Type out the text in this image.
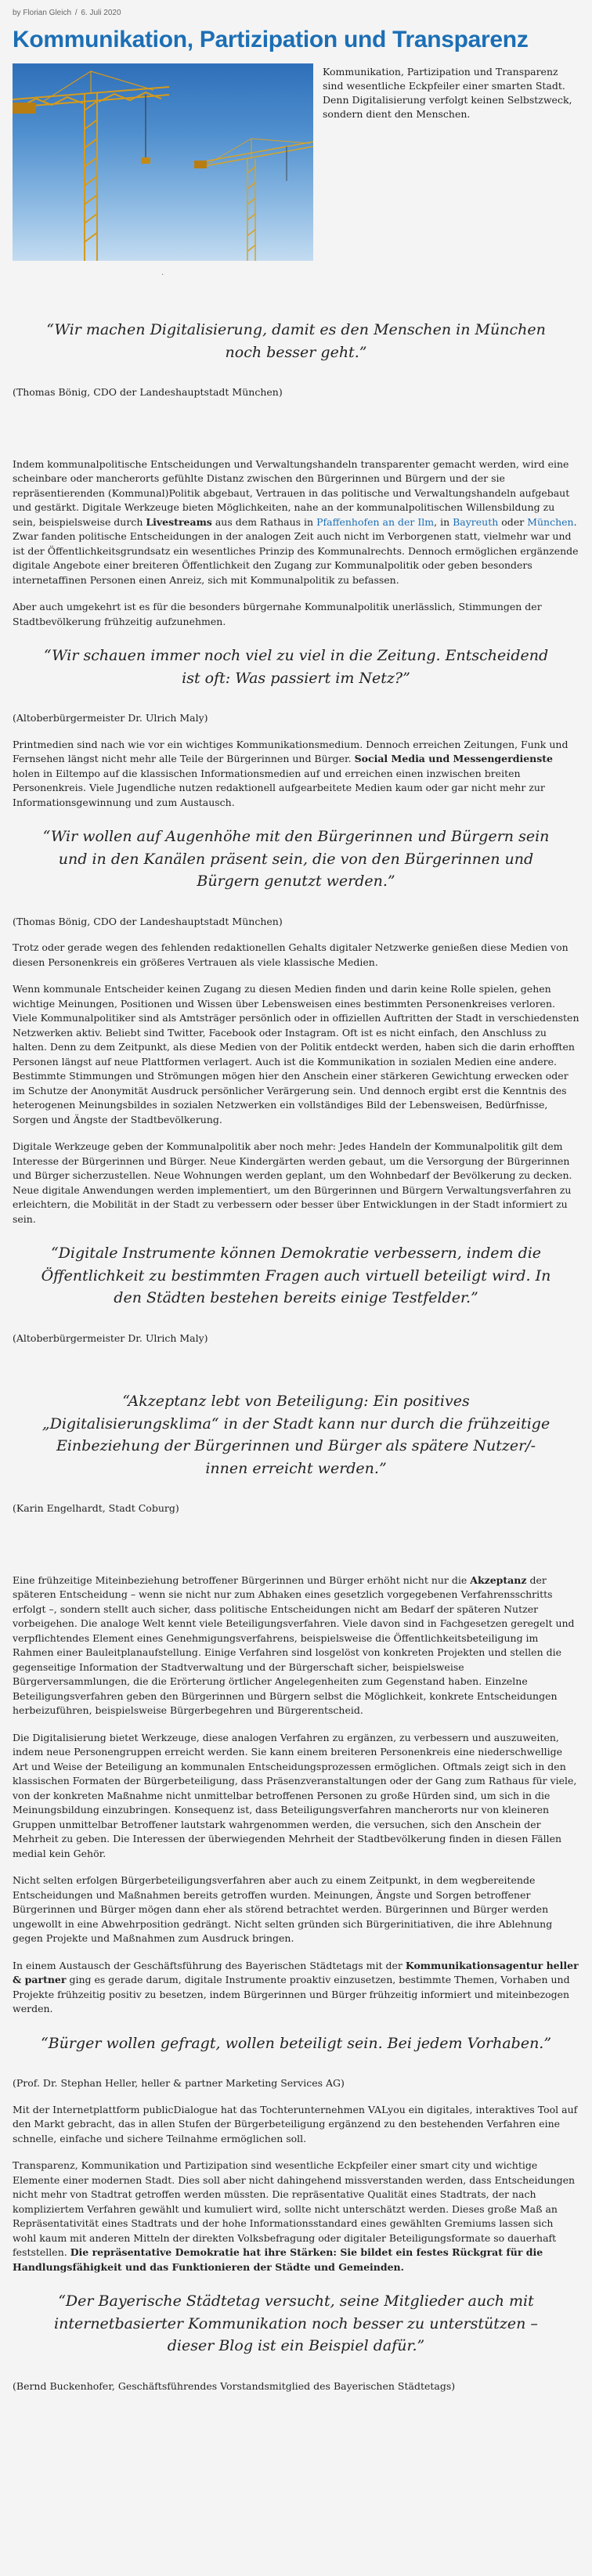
by Florian Gleich / 6. Juli 2020

Kommunikation, Partizipation und Transparenz

Kommunikation, Partizipation und Transparenz sind wesentliche Eckpfeiler einer smarten Stadt. Denn Digitalisierung verfolgt keinen Selbstzweck, sondern dient den Menschen.

.
“Wir machen Digitalisierung, damit es den Menschen in München noch besser geht.”

(Thomas Bönig, CDO der Landeshauptstadt München)

Indem kommunalpolitische Entscheidungen und Verwaltungshandeln transparenter gemacht werden, wird eine scheinbare oder mancherorts gefühlte Distanz zwischen den Bürgerinnen und Bürgern und der sie repräsentierenden (Kommunal)Politik abgebaut, Vertrauen in das politische und Verwaltungshandeln aufgebaut und gestärkt. Digitale Werkzeuge bieten Möglichkeiten, nahe an der kommunalpolitischen Willensbildung zu sein, beispielsweise durch Livestreams aus dem Rathaus in Pfaffenhofen an der Ilm, in Bayreuth oder München. Zwar fanden politische Entscheidungen in der analogen Zeit auch nicht im Verborgenen statt, vielmehr war und ist der Öffentlichkeitsgrundsatz ein wesentliches Prinzip des Kommunalrechts. Dennoch ermöglichen ergänzende digitale Angebote einer breiteren Öffentlichkeit den Zugang zur Kommunalpolitik oder geben besonders internetaffinen Personen einen Anreiz, sich mit Kommunalpolitik zu befassen.

Aber auch umgekehrt ist es für die besonders bürgernahe Kommunalpolitik unerlässlich, Stimmungen der Stadtbevölkerung frühzeitig aufzunehmen.

“Wir schauen immer noch viel zu viel in die Zeitung. Entscheidend ist oft: Was passiert im Netz?”

(Altoberbürgermeister Dr. Ulrich Maly)

Printmedien sind nach wie vor ein wichtiges Kommunikationsmedium. Dennoch erreichen Zeitungen, Funk und Fernsehen längst nicht mehr alle Teile der Bürgerinnen und Bürger. Social Media und Messengerdienste holen in Eiltempo auf die klassischen Informationsmedien auf und erreichen einen inzwischen breiten Personenkreis. Viele Jugendliche nutzen redaktionell aufgearbeitete Medien kaum oder gar nicht mehr zur Informationsgewinnung und zum Austausch.

“Wir wollen auf Augenhöhe mit den Bürgerinnen und Bürgern sein und in den Kanälen präsent sein, die von den Bürgerinnen und Bürgern genutzt werden.”

(Thomas Bönig, CDO der Landeshauptstadt München)

Trotz oder gerade wegen des fehlenden redaktionellen Gehalts digitaler Netzwerke genießen diese Medien von diesen Personenkreis ein größeres Vertrauen als viele klassische Medien.

Wenn kommunale Entscheider keinen Zugang zu diesen Medien finden und darin keine Rolle spielen, gehen wichtige Meinungen, Positionen und Wissen über Lebensweisen eines bestimmten Personenkreises verloren. Viele Kommunalpolitiker sind als Amtsträger persönlich oder in offiziellen Auftritten der Stadt in verschiedensten Netzwerken aktiv. Beliebt sind Twitter, Facebook oder Instagram. Oft ist es nicht einfach, den Anschluss zu halten. Denn zu dem Zeitpunkt, als diese Medien von der Politik entdeckt werden, haben sich die darin erhofften Personen längst auf neue Plattformen verlagert. Auch ist die Kommunikation in sozialen Medien eine andere. Bestimmte Stimmungen und Strömungen mögen hier den Anschein einer stärkeren Gewichtung erwecken oder im Schutze der Anonymität Ausdruck persönlicher Verärgerung sein. Und dennoch ergibt erst die Kenntnis des heterogenen Meinungsbildes in sozialen Netzwerken ein vollständiges Bild der Lebensweisen, Bedürfnisse, Sorgen und Ängste der Stadtbevölkerung.

Digitale Werkzeuge geben der Kommunalpolitik aber noch mehr: Jedes Handeln der Kommunalpolitik gilt dem Interesse der Bürgerinnen und Bürger. Neue Kindergärten werden gebaut, um die Versorgung der Bürgerinnen und Bürger sicherzustellen. Neue Wohnungen werden geplant, um den Wohnbedarf der Bevölkerung zu decken. Neue digitale Anwendungen werden implementiert, um den Bürgerinnen und Bürgern Verwaltungsverfahren zu erleichtern, die Mobilität in der Stadt zu verbessern oder besser über Entwicklungen in der Stadt informiert zu sein.

“Digitale Instrumente können Demokratie verbessern, indem die Öffentlichkeit zu bestimmten Fragen auch virtuell beteiligt wird. In den Städten bestehen bereits einige Testfelder.”

(Altoberbürgermeister Dr. Ulrich Maly)

“Akzeptanz lebt von Beteiligung: Ein positives „Digitalisierungsklima“ in der Stadt kann nur durch die frühzeitige Einbeziehung der Bürgerinnen und Bürger als spätere Nutzer/-innen erreicht werden.”

(Karin Engelhardt, Stadt Coburg)

Eine frühzeitige Miteinbeziehung betroffener Bürgerinnen und Bürger erhöht nicht nur die Akzeptanz der späteren Entscheidung – wenn sie nicht nur zum Abhaken eines gesetzlich vorgegebenen Verfahrensschritts erfolgt –, sondern stellt auch sicher, dass politische Entscheidungen nicht am Bedarf der späteren Nutzer vorbeigehen. Die analoge Welt kennt viele Beteiligungsverfahren. Viele davon sind in Fachgesetzen geregelt und verpflichtendes Element eines Genehmigungsverfahrens, beispielsweise die Öffentlichkeitsbeteiligung im Rahmen einer Bauleitplanaufstellung. Einige Verfahren sind losgelöst von konkreten Projekten und stellen die gegenseitige Information der Stadtverwaltung und der Bürgerschaft sicher, beispielsweise Bürgerversammlungen, die die Erörterung örtlicher Angelegenheiten zum Gegenstand haben. Einzelne Beteiligungsverfahren geben den Bürgerinnen und Bürgern selbst die Möglichkeit, konkrete Entscheidungen herbeizuführen, beispielsweise Bürgerbegehren und Bürgerentscheid.

Die Digitalisierung bietet Werkzeuge, diese analogen Verfahren zu ergänzen, zu verbessern und auszuweiten, indem neue Personengruppen erreicht werden. Sie kann einem breiteren Personenkreis eine niederschwellige Art und Weise der Beteiligung an kommunalen Entscheidungsprozessen ermöglichen. Oftmals zeigt sich in den klassischen Formaten der Bürgerbeteiligung, dass Präsenzveranstaltungen oder der Gang zum Rathaus für viele, von der konkreten Maßnahme nicht unmittelbar betroffenen Personen zu große Hürden sind, um sich in die Meinungsbildung einzubringen. Konsequenz ist, dass Beteiligungsverfahren mancherorts nur von kleineren Gruppen unmittelbar Betroffener lautstark wahrgenommen werden, die versuchen, sich den Anschein der Mehrheit zu geben. Die Interessen der überwiegenden Mehrheit der Stadtbevölkerung finden in diesen Fällen medial kein Gehör.

Nicht selten erfolgen Bürgerbeteiligungsverfahren aber auch zu einem Zeitpunkt, in dem wegbereitende Entscheidungen und Maßnahmen bereits getroffen wurden. Meinungen, Ängste und Sorgen betroffener Bürgerinnen und Bürger mögen dann eher als störend betrachtet werden. Bürgerinnen und Bürger werden ungewollt in eine Abwehrposition gedrängt. Nicht selten gründen sich Bürgerinitiativen, die ihre Ablehnung gegen Projekte und Maßnahmen zum Ausdruck bringen.

In einem Austausch der Geschäftsführung des Bayerischen Städtetags mit der Kommunikationsagentur heller & partner ging es gerade darum, digitale Instrumente proaktiv einzusetzen, bestimmte Themen, Vorhaben und Projekte frühzeitig positiv zu besetzen, indem Bürgerinnen und Bürger frühzeitig informiert und miteinbezogen werden.

“Bürger wollen gefragt, wollen beteiligt sein. Bei jedem Vorhaben.”

(Prof. Dr. Stephan Heller, heller & partner Marketing Services AG)

Mit der Internetplattform publicDialogue hat das Tochterunternehmen VALyou ein digitales, interaktives Tool auf den Markt gebracht, das in allen Stufen der Bürgerbeteiligung ergänzend zu den bestehenden Verfahren eine schnelle, einfache und sichere Teilnahme ermöglichen soll.

Transparenz, Kommunikation und Partizipation sind wesentliche Eckpfeiler einer smart city und wichtige Elemente einer modernen Stadt. Dies soll aber nicht dahingehend missverstanden werden, dass Entscheidungen nicht mehr von Stadtrat getroffen werden müssten. Die repräsentative Qualität eines Stadtrats, der nach kompliziertem Verfahren gewählt und kumuliert wird, sollte nicht unterschätzt werden. Dieses große Maß an Repräsentativität eines Stadtrats und der hohe Informationsstandard eines gewählten Gremiums lassen sich wohl kaum mit anderen Mitteln der direkten Volksbefragung oder digitaler Beteiligungsformate so dauerhaft feststellen. Die repräsentative Demokratie hat ihre Stärken: Sie bildet ein festes Rückgrat für die Handlungsfähigkeit und das Funktionieren der Städte und Gemeinden.

“Der Bayerische Städtetag versucht, seine Mitglieder auch mit internetbasierter Kommunikation noch besser zu unterstützen – dieser Blog ist ein Beispiel dafür.”

(Bernd Buckenhofer, Geschäftsführendes Vorstandsmitglied des Bayerischen Städtetags)
